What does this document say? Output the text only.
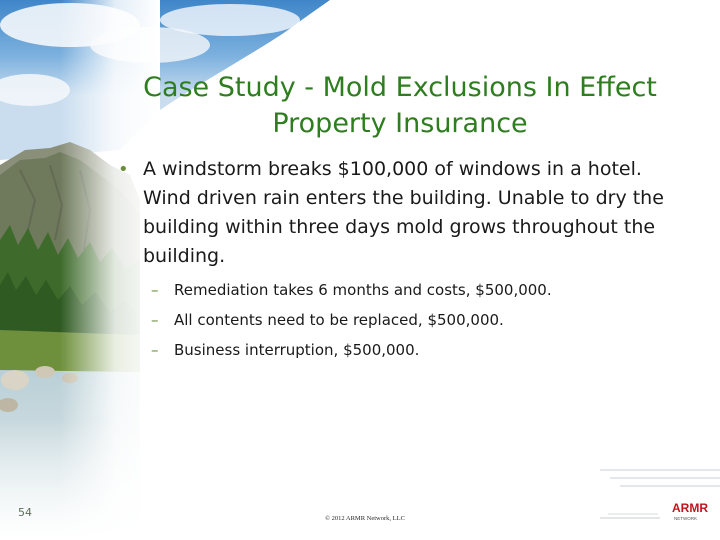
Case Study - Mold Exclusions In Effect
Property Insurance
• A windstorm breaks $100,000 of windows in a hotel. Wind driven rain enters the building. Unable to dry the building within three days mold grows throughout the building.
– Remediation takes 6 months and costs, $500,000.
– All contents need to be replaced, $500,000.
– Business interruption, $500,000.
54	© 2012 ARMR Network, LLC
ARMR
NETWORK
